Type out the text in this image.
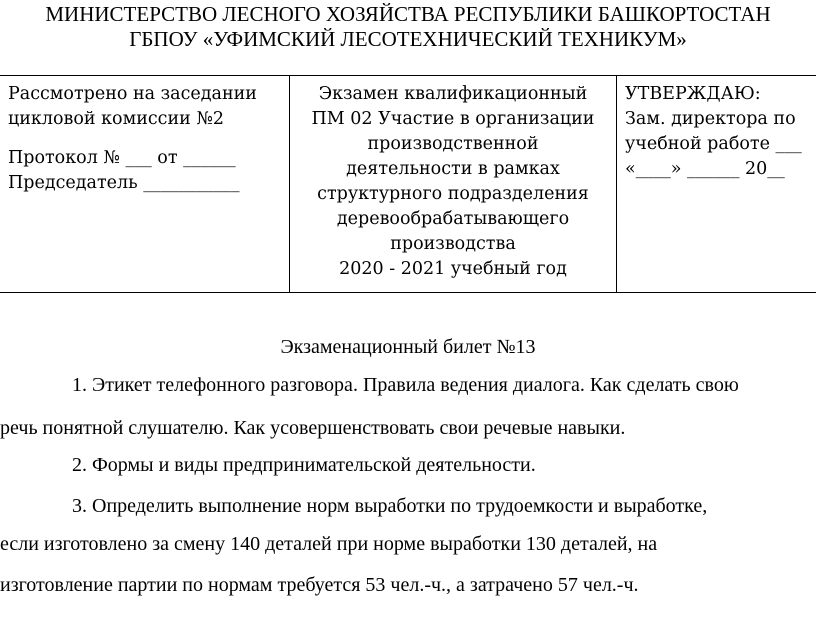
МИНИСТЕРСТВО ЛЕСНОГО ХОЗЯЙСТВА РЕСПУБЛИКИ БАШКОРТОСТАН
ГБПОУ «УФИМСКИЙ ЛЕСОТЕХНИЧЕСКИЙ ТЕХНИКУМ»
Рассмотрено на заседании
цикловой комиссии №2
Протокол № ___ от ______
Председатель ___________
Экзамен квалификационный
ПМ 02 Участие в организации
производственной
деятельности в рамках
структурного подразделения
деревообрабатывающего
производства
2020 - 2021 учебный год
УТВЕРЖДАЮ:
Зам. директора по
учебной работе ___
«____» ______ 20__
Экзаменационный билет №13
1. Этикет телефонного разговора. Правила ведения диалога. Как сделать свою
речь понятной слушателю. Как усовершенствовать свои речевые навыки.
2. Формы и виды предпринимательской деятельности.
3. Определить выполнение норм выработки по трудоемкости и выработке,
если изготовлено за смену 140 деталей при норме выработки 130 деталей, на
изготовление партии по нормам требуется 53 чел.-ч., а затрачено 57 чел.-ч.
